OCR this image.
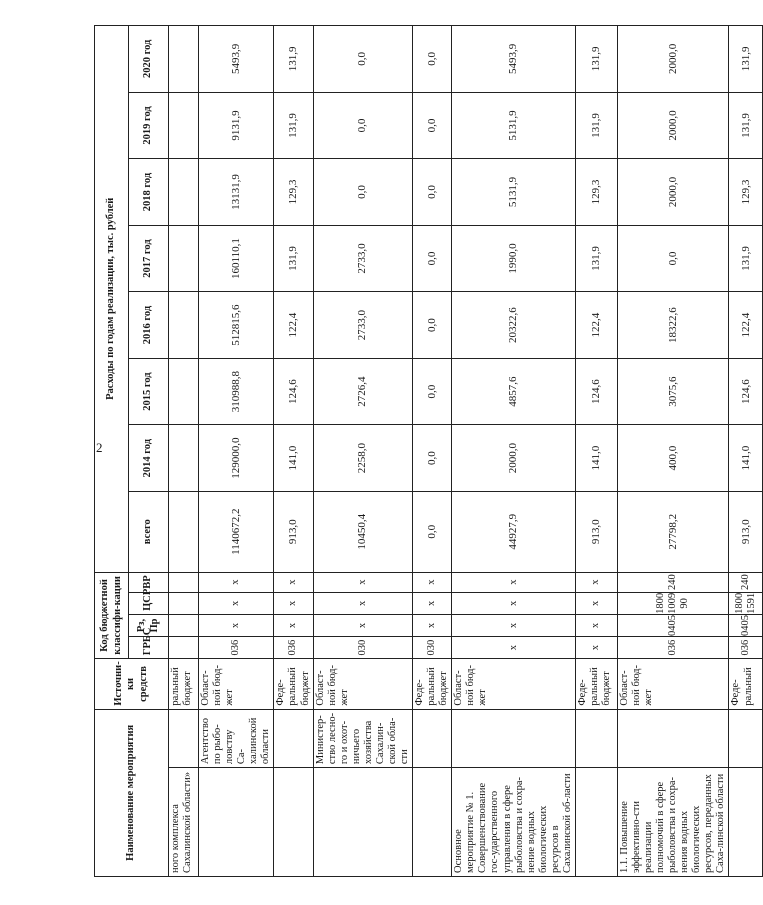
2
Наименование мероприятия		Источни-ки средств	Код бюджетной классифи-кации				Расходы по годам реализации, тыс. рублей							
			ГРБС	Рз, Пр	ЦСР	ВР	всего	2014 год	2015 год	2016 год	2017 год	2018 год	2019 год	2020 год
ного комплекса Сахалинской области»		ральный бюджет												
	Агентство по рыбо-ловству Са-халинской области	Област-ной бюд-жет	036	х	х	х	1140672,2	129000,0	310988,8	512815,6	160110,1	13131,9	9131,9	5493,9
		Феде-ральный бюджет	036	х	х	х	913,0	141,0	124,6	122,4	131,9	129,3	131,9	131,9
	Министер-ство лесно-го и охот-ничьего хозяйства Сахалин-ской обла-сти	Област-ной бюд-жет	030	х	х	х	10450,4	2258,0	2726,4	2733,0	2733,0	0,0	0,0	0,0
		Феде-ральный бюджет	030	х	х	х	0,0	0,0	0,0	0,0	0,0	0,0	0,0	0,0
Основное мероприятие № 1. Совершенствование гос-ударственного управления в сфере рыболовства и сохра-нение водных биологических ресурсов в Сахалинской об-ласти		Област-ной бюд-жет	х	х	х	х	44927,9	2000,0	4857,6	20322,6	1990,0	5131,9	5131,9	5493,9
		Феде-ральный бюджет	х	х	х	х	913,0	141,0	124,6	122,4	131,9	129,3	131,9	131,9
1.1. Повышение эффективно-сти реализации полномочий в сфере рыболовства и сохра-нения водных биологических ресурсов, переданных Саха-линской области		Област-ной бюд-жет	036	0405	1800 1009 90	240	27798,2	400,0	3075,6	18322,6	0,0	2000,0	2000,0	2000,0
		Феде-ральный	036	0405	1800 1591	240	913,0	141,0	124,6	122,4	131,9	129,3	131,9	131,9
